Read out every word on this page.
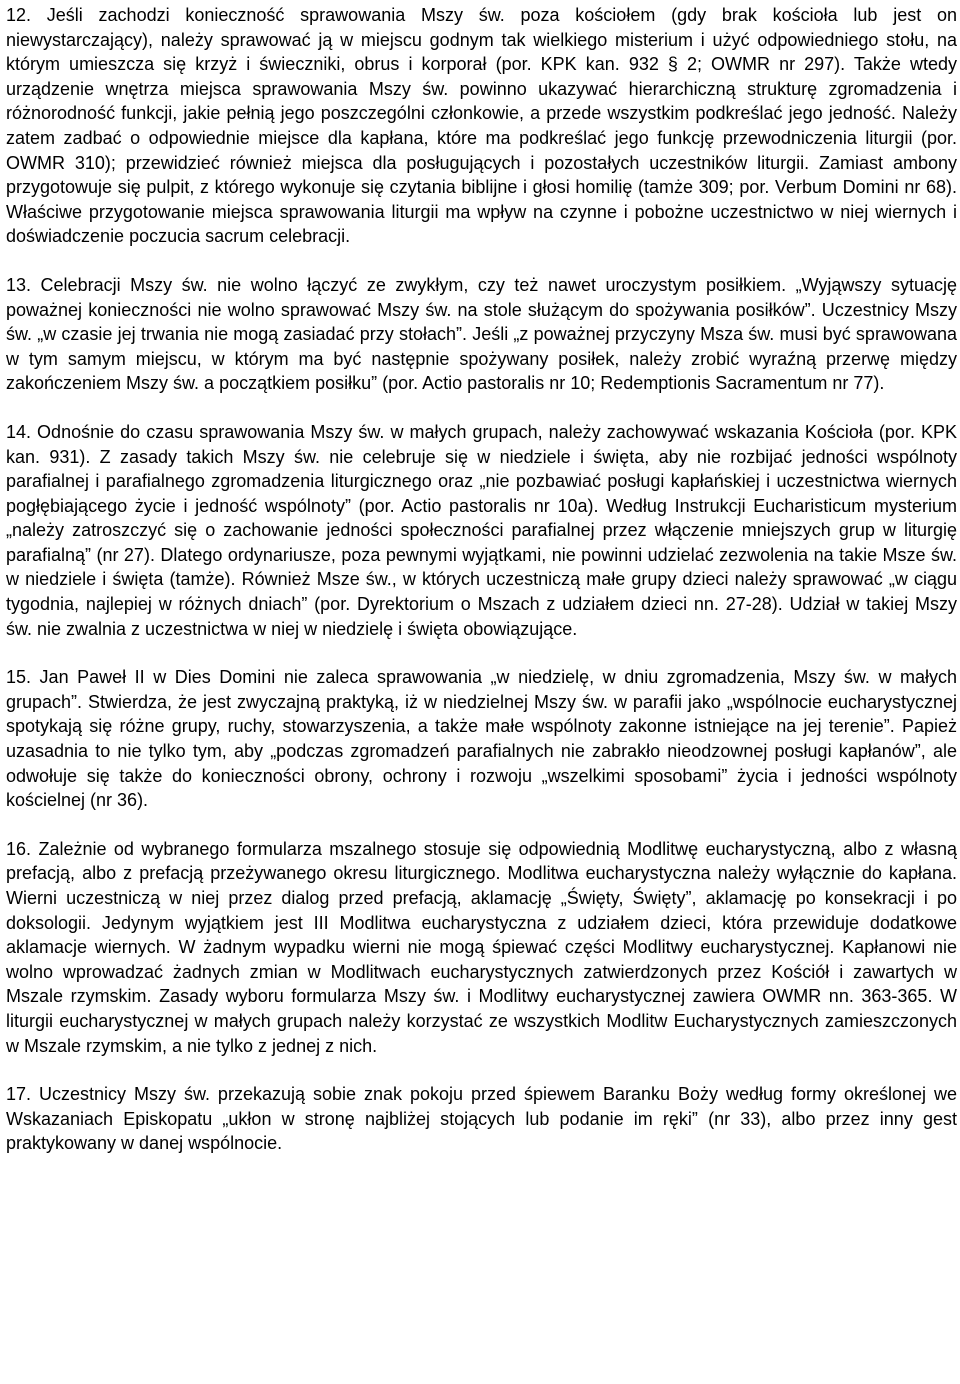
12. Jeśli zachodzi konieczność sprawowania Mszy św. poza kościołem (gdy brak kościoła lub jest on niewystarczający), należy sprawować ją w miejscu godnym tak wielkiego misterium i użyć odpowiedniego stołu, na którym umieszcza się krzyż i świeczniki, obrus i korporał (por. KPK kan. 932 § 2; OWMR nr 297). Także wtedy urządzenie wnętrza miejsca sprawowania Mszy św. powinno ukazywać hierarchiczną strukturę zgromadzenia i różnorodność funkcji, jakie pełnią jego poszczególni członkowie, a przede wszystkim podkreślać jego jedność. Należy zatem zadbać o odpowiednie miejsce dla kapłana, które ma podkreślać jego funkcję przewodniczenia liturgii (por. OWMR 310); przewidzieć również miejsca dla posługujących i pozostałych uczestników liturgii. Zamiast ambony przygotowuje się pulpit, z którego wykonuje się czytania biblijne i głosi homilię (tamże 309; por. Verbum Domini nr 68). Właściwe przygotowanie miejsca sprawowania liturgii ma wpływ na czynne i pobożne uczestnictwo w niej wiernych i doświadczenie poczucia sacrum celebracji.

13. Celebracji Mszy św. nie wolno łączyć ze zwykłym, czy też nawet uroczystym posiłkiem. „Wyjąwszy sytuację poważnej konieczności nie wolno sprawować Mszy św. na stole służącym do spożywania posiłków”. Uczestnicy Mszy św. „w czasie jej trwania nie mogą zasiadać przy stołach”. Jeśli „z poważnej przyczyny Msza św. musi być sprawowana w tym samym miejscu, w którym ma być następnie spożywany posiłek, należy zrobić wyraźną przerwę między zakończeniem Mszy św. a początkiem posiłku” (por. Actio pastoralis nr 10; Redemptionis Sacramentum nr 77).

14. Odnośnie do czasu sprawowania Mszy św. w małych grupach, należy zachowywać wskazania Kościoła (por. KPK kan. 931). Z zasady takich Mszy św. nie celebruje się w niedziele i święta, aby nie rozbijać jedności wspólnoty parafialnej i parafialnego zgromadzenia liturgicznego oraz „nie pozbawiać posługi kapłańskiej i uczestnictwa wiernych pogłębiającego życie i jedność wspólnoty” (por. Actio pastoralis nr 10a). Według Instrukcji Eucharisticum mysterium „należy zatroszczyć się o zachowanie jedności społeczności parafialnej przez włączenie mniejszych grup w liturgię parafialną” (nr 27). Dlatego ordynariusze, poza pewnymi wyjątkami, nie powinni udzielać zezwolenia na takie Msze św. w niedziele i święta (tamże). Również Msze św., w których uczestniczą małe grupy dzieci należy sprawować „w ciągu tygodnia, najlepiej w różnych dniach” (por. Dyrektorium o Mszach z udziałem dzieci nn. 27-28). Udział w takiej Mszy św. nie zwalnia z uczestnictwa w niej w niedzielę i święta obowiązujące.

15. Jan Paweł II w Dies Domini nie zaleca sprawowania „w niedzielę, w dniu zgromadzenia, Mszy św. w małych grupach”. Stwierdza, że jest zwyczajną praktyką, iż w niedzielnej Mszy św. w parafii jako „wspólnocie eucharystycznej spotykają się różne grupy, ruchy, stowarzyszenia, a także małe wspólnoty zakonne istniejące na jej terenie”. Papież uzasadnia to nie tylko tym, aby „podczas zgromadzeń parafialnych nie zabrakło nieodzownej posługi kapłanów”, ale odwołuje się także do konieczności obrony, ochrony i rozwoju „wszelkimi sposobami” życia i jedności wspólnoty kościelnej (nr 36).

16. Zależnie od wybranego formularza mszalnego stosuje się odpowiednią Modlitwę eucharystyczną, albo z własną prefacją, albo z prefacją przeżywanego okresu liturgicznego. Modlitwa eucharystyczna należy wyłącznie do kapłana. Wierni uczestniczą w niej przez dialog przed prefacją, aklamację „Święty, Święty”, aklamację po konsekracji i po doksologii. Jedynym wyjątkiem jest III Modlitwa eucharystyczna z udziałem dzieci, która przewiduje dodatkowe aklamacje wiernych. W żadnym wypadku wierni nie mogą śpiewać części Modlitwy eucharystycznej. Kapłanowi nie wolno wprowadzać żadnych zmian w Modlitwach eucharystycznych zatwierdzonych przez Kościół i zawartych w Mszale rzymskim. Zasady wyboru formularza Mszy św. i Modlitwy eucharystycznej zawiera OWMR nn. 363-365. W liturgii eucharystycznej w małych grupach należy korzystać ze wszystkich Modlitw Eucharystycznych zamieszczonych w Mszale rzymskim, a nie tylko z jednej z nich.

17. Uczestnicy Mszy św. przekazują sobie znak pokoju przed śpiewem Baranku Boży według formy określonej we Wskazaniach Episkopatu „ukłon w stronę najbliżej stojących lub podanie im ręki” (nr 33), albo przez inny gest praktykowany w danej wspólnocie.
